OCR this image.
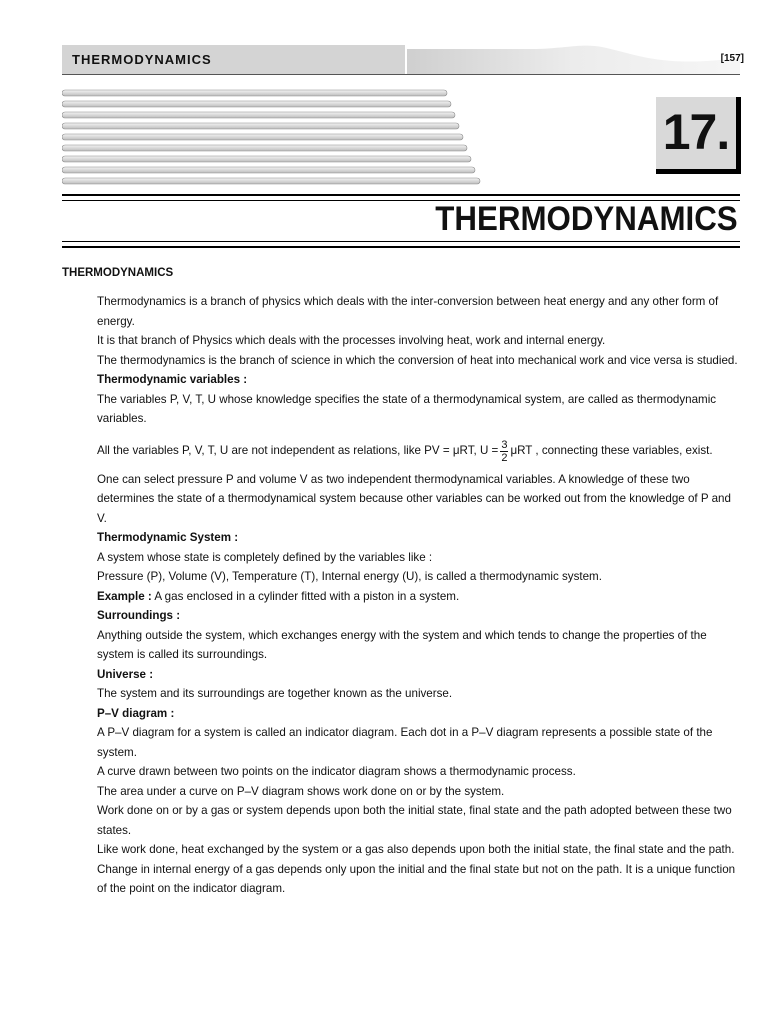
THERMODYNAMICS	[157]
17.
THERMODYNAMICS
THERMODYNAMICS

Thermodynamics is a branch of physics which deals with the inter-conversion between heat energy and any other form of energy.

It is that branch of Physics which deals with the processes involving heat, work and internal energy.

The thermodynamics is the branch of science in which the conversion of heat into mechanical work and vice versa is studied.

Thermodynamic variables :

The variables P, V, T, U whose knowledge specifies the state of a thermodynamical system, are called as thermodynamic variables.

All the variables P, V, T, U are not independent as relations, like PV = μRT, $U = \frac{3}{2}$ μRT , connecting these variables, exist.

One can select pressure P and volume V as two independent thermodynamical variables. A knowledge of these two determines the state of a thermodynamical system because other variables can be worked out from the knowledge of P and V.

Thermodynamic System :

A system whose state is completely defined by the variables like :

Pressure (P), Volume (V), Temperature (T), Internal energy (U), is called a thermodynamic system.

Example : A gas enclosed in a cylinder fitted with a piston in a system.

Surroundings :

Anything outside the system, which exchanges energy with the system and which tends to change the properties of the system is called its surroundings.

Universe :

The system and its surroundings are together known as the universe.

P–V diagram :

A P–V diagram for a system is called an indicator diagram. Each dot in a P–V diagram represents a possible state of the system.

A curve drawn between two points on the indicator diagram shows a thermodynamic process.

The area under a curve on P–V diagram shows work done on or by the system.

Work done on or by a gas or system depends upon both the initial state, final state and the path adopted between these two states.

Like work done, heat exchanged by the system or a gas also depends upon both the initial state, the final state and the path.

Change in internal energy of a gas depends only upon the initial and the final state but not on the path. It is a unique function of the point on the indicator diagram.
